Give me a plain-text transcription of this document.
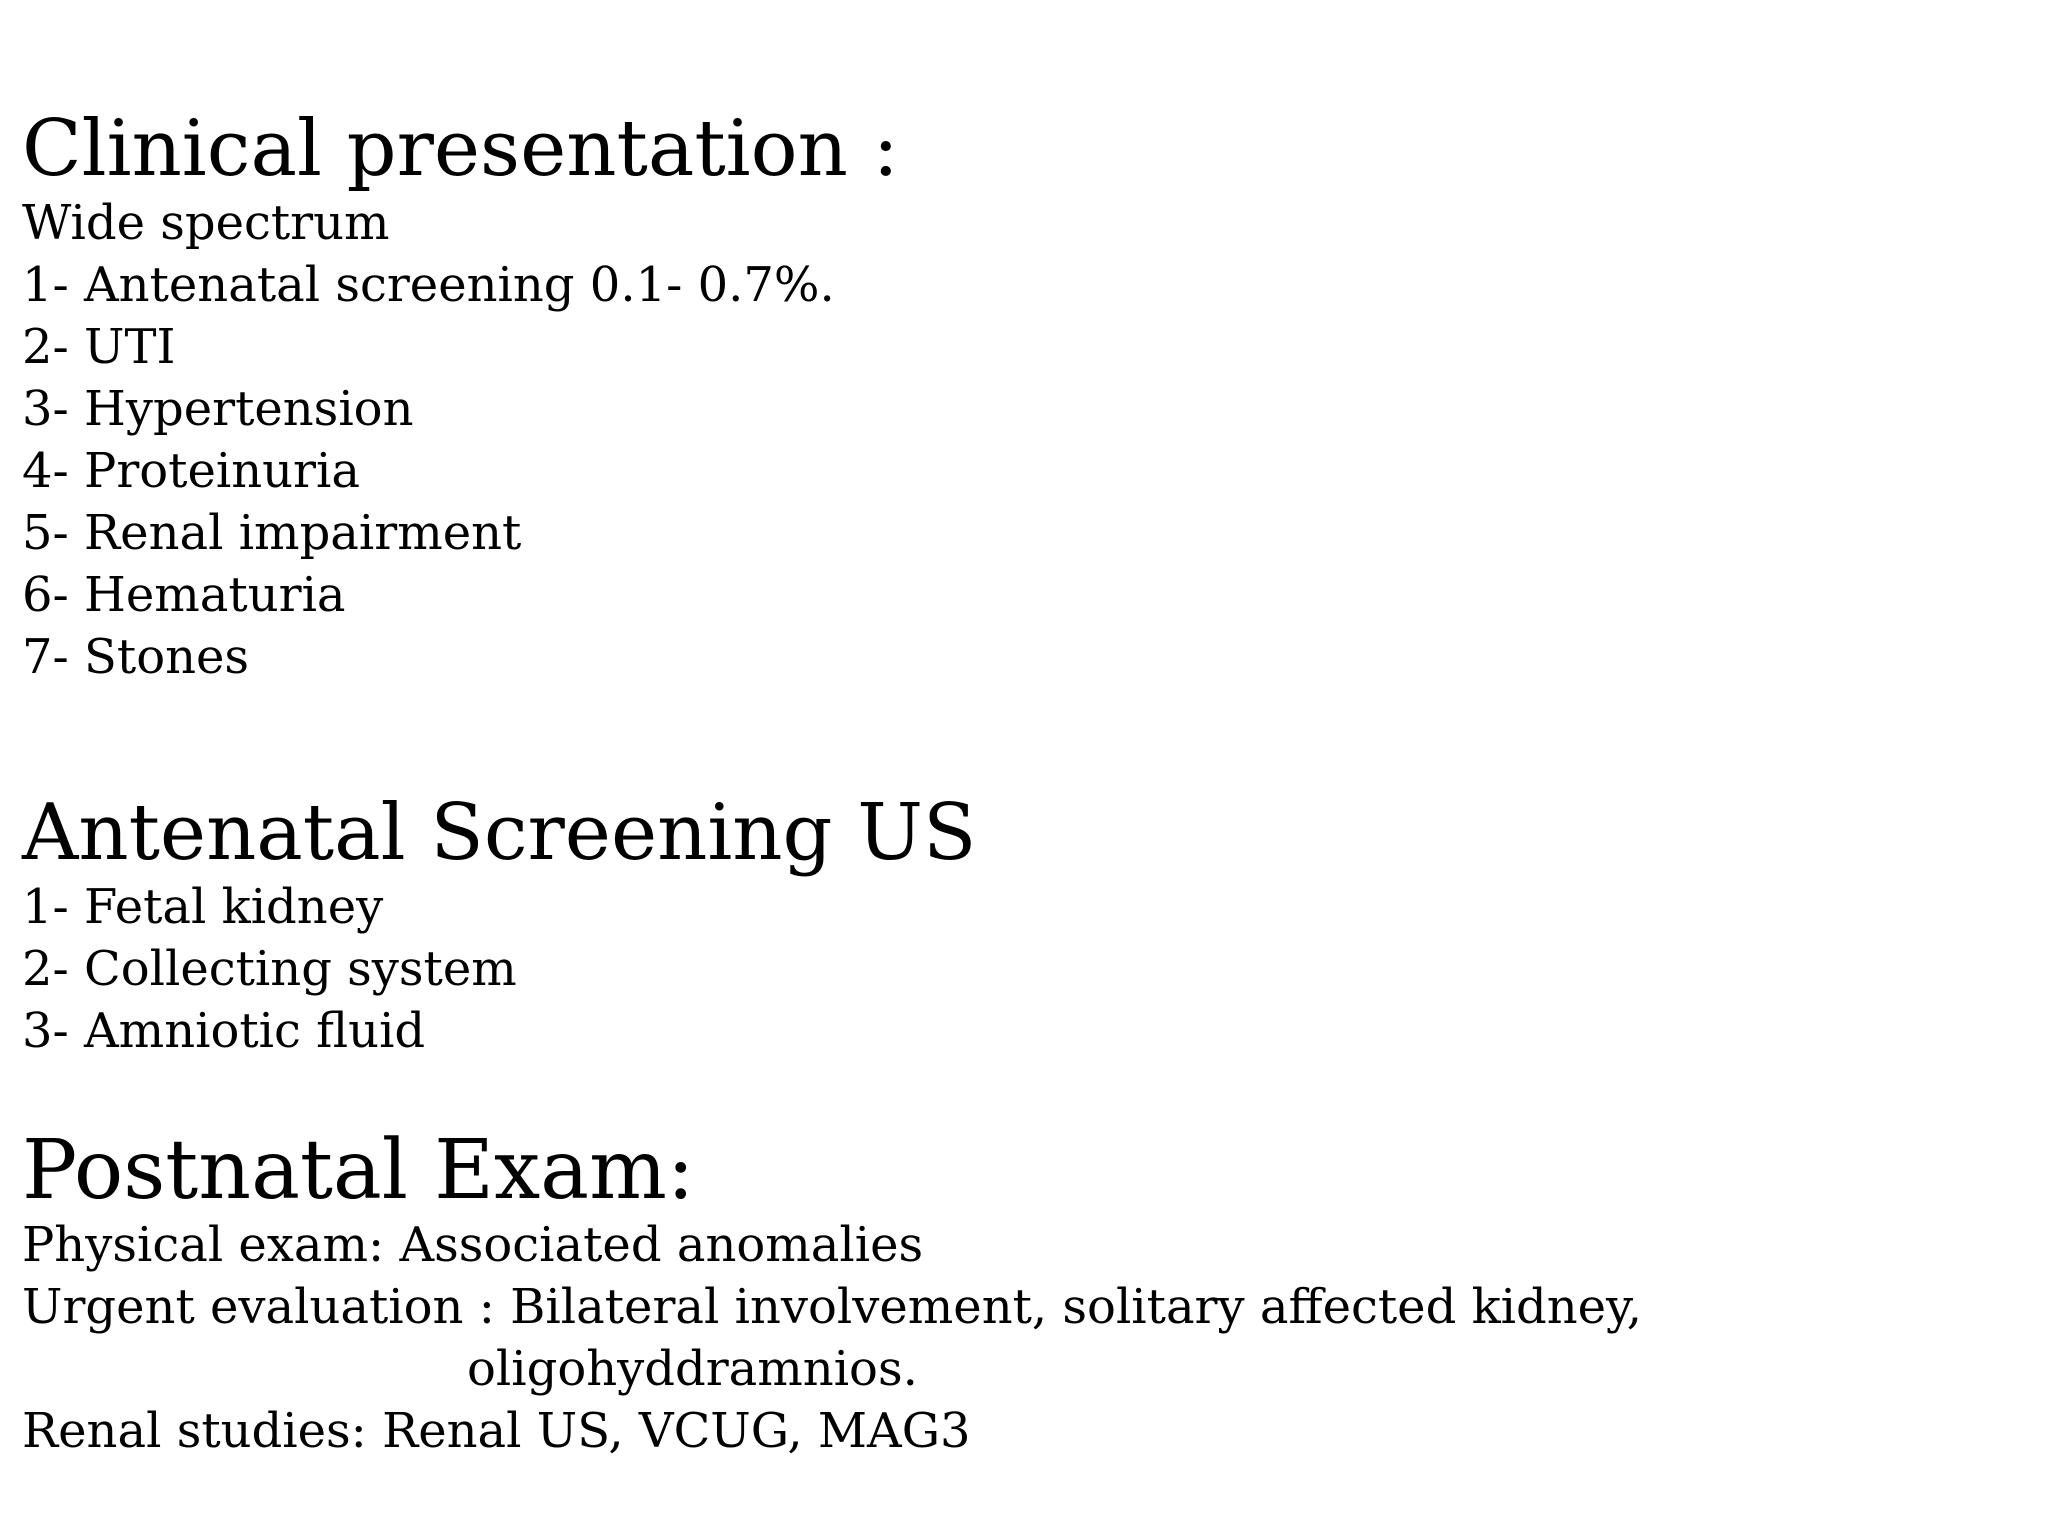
Clinical presentation :

Wide spectrum

1- Antenatal screening 0.1- 0.7%.

2- UTI

3- Hypertension

4- Proteinuria

5- Renal impairment

6- Hematuria

7- Stones

Antenatal Screening US

1- Fetal kidney

2- Collecting system

3- Amniotic fluid

Postnatal Exam:

Physical exam: Associated anomalies

Urgent evaluation : Bilateral involvement, solitary affected kidney,

oligohyddramnios.

Renal studies: Renal US, VCUG, MAG3
